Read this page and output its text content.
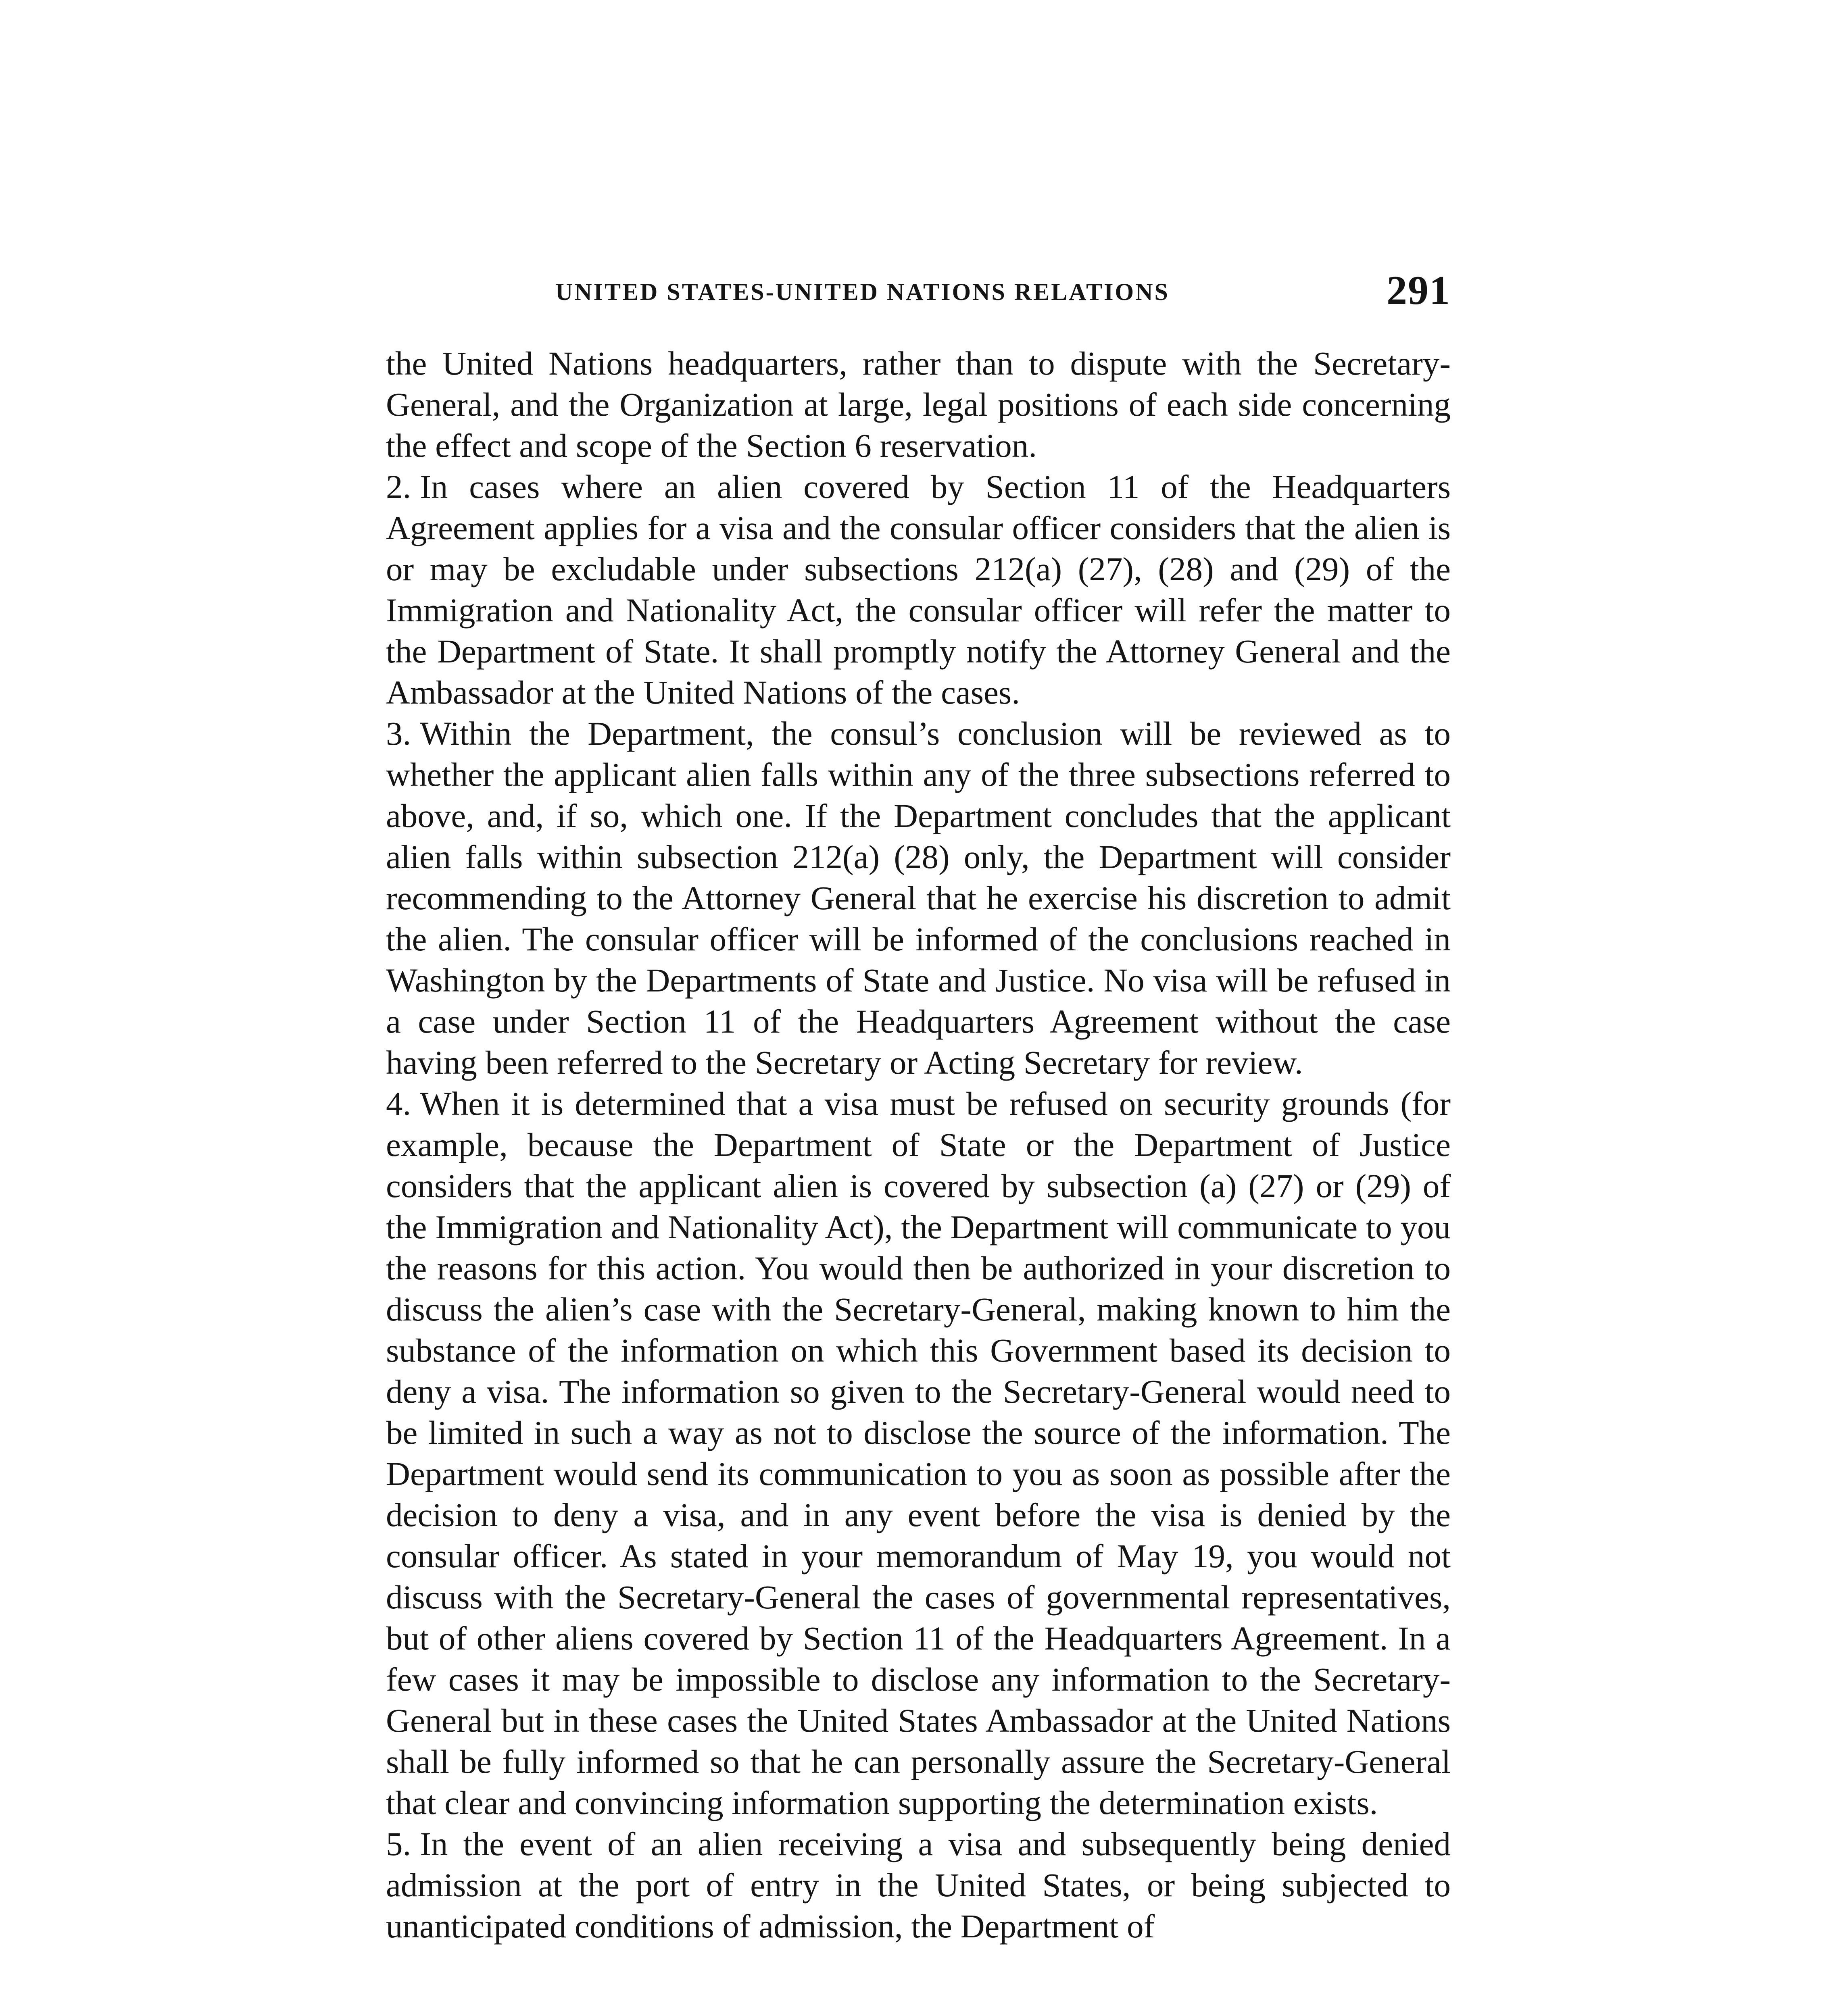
UNITED STATES-UNITED NATIONS RELATIONS	291

the United Nations headquarters, rather than to dispute with the Secretary-General, and the Organization at large, legal positions of each side concerning the effect and scope of the Section 6 reservation.

2. In cases where an alien covered by Section 11 of the Headquarters Agreement applies for a visa and the consular officer considers that the alien is or may be excludable under subsections 212(a) (27), (28) and (29) of the Immigration and Nationality Act, the consular officer will refer the matter to the Department of State. It shall promptly notify the Attorney General and the Ambassador at the United Nations of the cases.

3. Within the Department, the consul’s conclusion will be reviewed as to whether the applicant alien falls within any of the three subsections referred to above, and, if so, which one. If the Department concludes that the applicant alien falls within subsection 212(a) (28) only, the Department will consider recommending to the Attorney General that he exercise his discretion to admit the alien. The consular officer will be informed of the conclusions reached in Washington by the Departments of State and Justice. No visa will be refused in a case under Section 11 of the Headquarters Agreement without the case having been referred to the Secretary or Acting Secretary for review.

4. When it is determined that a visa must be refused on security grounds (for example, because the Department of State or the Department of Justice considers that the applicant alien is covered by subsection (a) (27) or (29) of the Immigration and Nationality Act), the Department will communicate to you the reasons for this action. You would then be authorized in your discretion to discuss the alien’s case with the Secretary-General, making known to him the substance of the information on which this Government based its decision to deny a visa. The information so given to the Secretary-General would need to be limited in such a way as not to disclose the source of the information. The Department would send its communication to you as soon as possible after the decision to deny a visa, and in any event before the visa is denied by the consular officer. As stated in your memorandum of May 19, you would not discuss with the Secretary-General the cases of governmental representatives, but of other aliens covered by Section 11 of the Headquarters Agreement. In a few cases it may be impossible to disclose any information to the Secretary-General but in these cases the United States Ambassador at the United Nations shall be fully informed so that he can personally assure the Secretary-General that clear and convincing information supporting the determination exists.

5. In the event of an alien receiving a visa and subsequently being denied admission at the port of entry in the United States, or being subjected to unanticipated conditions of admission, the Department of
